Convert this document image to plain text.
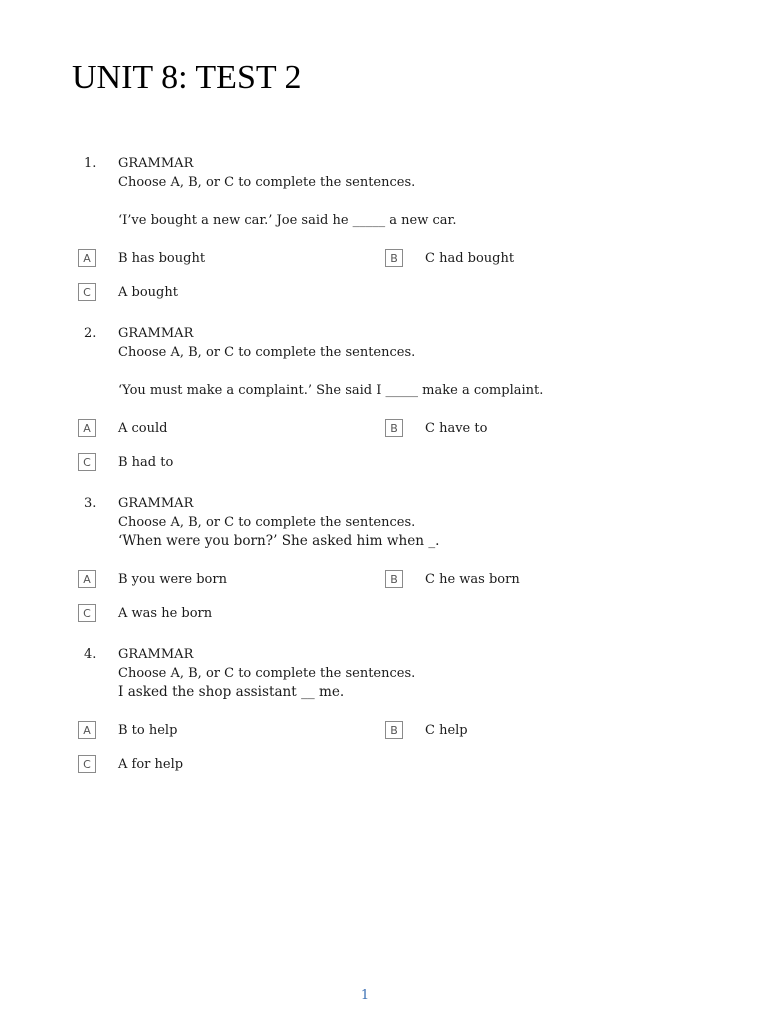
UNIT 8: TEST 2
1. GRAMMAR
Choose A, B, or C to complete the sentences.
‘I’ve bought a new car.’ Joe said he _____ a new car.
A	B has bought	B	C had bought
C	A bought
2. GRAMMAR
Choose A, B, or C to complete the sentences.
‘You must make a complaint.’ She said I _____ make a complaint.
A	A could	B	C have to
C	B had to
3. GRAMMAR
Choose A, B, or C to complete the sentences.
‘When were you born?’ She asked him when _.
A	B you were born	B	C he was born
C	A was he born
4. GRAMMAR
Choose A, B, or C to complete the sentences.
I asked the shop assistant __ me.
A	B to help	B	C help
C	A for help
1
